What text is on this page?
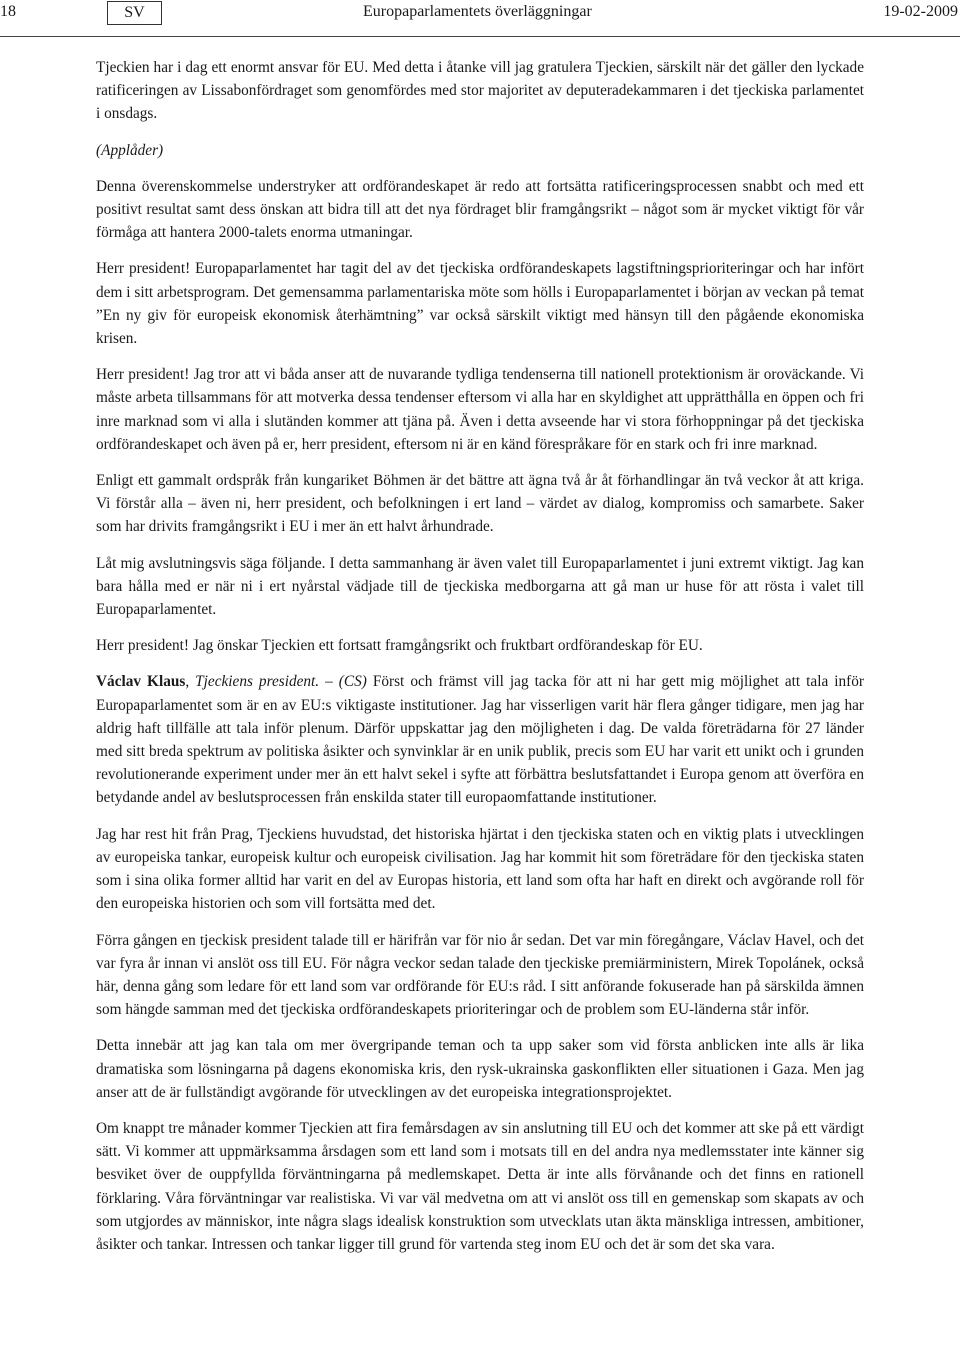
18	SV	Europaparlamentets överläggningar	19-02-2009

Tjeckien har i dag ett enormt ansvar för EU. Med detta i åtanke vill jag gratulera Tjeckien, särskilt när det gäller den lyckade ratificeringen av Lissabonfördraget som genomfördes med stor majoritet av deputeradekammaren i det tjeckiska parlamentet i onsdags.

(Applåder)

Denna överenskommelse understryker att ordförandeskapet är redo att fortsätta ratificeringsprocessen snabbt och med ett positivt resultat samt dess önskan att bidra till att det nya fördraget blir framgångsrikt – något som är mycket viktigt för vår förmåga att hantera 2000-talets enorma utmaningar.

Herr president! Europaparlamentet har tagit del av det tjeckiska ordförandeskapets lagstiftningsprioriteringar och har infört dem i sitt arbetsprogram. Det gemensamma parlamentariska möte som hölls i Europaparlamentet i början av veckan på temat ”En ny giv för europeisk ekonomisk återhämtning” var också särskilt viktigt med hänsyn till den pågående ekonomiska krisen.

Herr president! Jag tror att vi båda anser att de nuvarande tydliga tendenserna till nationell protektionism är oroväckande. Vi måste arbeta tillsammans för att motverka dessa tendenser eftersom vi alla har en skyldighet att upprätthålla en öppen och fri inre marknad som vi alla i slutänden kommer att tjäna på. Även i detta avseende har vi stora förhoppningar på det tjeckiska ordförandeskapet och även på er, herr president, eftersom ni är en känd förespråkare för en stark och fri inre marknad.

Enligt ett gammalt ordspråk från kungariket Böhmen är det bättre att ägna två år åt förhandlingar än två veckor åt att kriga. Vi förstår alla – även ni, herr president, och befolkningen i ert land – värdet av dialog, kompromiss och samarbete. Saker som har drivits framgångsrikt i EU i mer än ett halvt århundrade.

Låt mig avslutningsvis säga följande. I detta sammanhang är även valet till Europaparlamentet i juni extremt viktigt. Jag kan bara hålla med er när ni i ert nyårstal vädjade till de tjeckiska medborgarna att gå man ur huse för att rösta i valet till Europaparlamentet.

Herr president! Jag önskar Tjeckien ett fortsatt framgångsrikt och fruktbart ordförandeskap för EU.

Václav Klaus, Tjeckiens president. – (CS) Först och främst vill jag tacka för att ni har gett mig möjlighet att tala inför Europaparlamentet som är en av EU:s viktigaste institutioner. Jag har visserligen varit här flera gånger tidigare, men jag har aldrig haft tillfälle att tala inför plenum. Därför uppskattar jag den möjligheten i dag. De valda företrädarna för 27 länder med sitt breda spektrum av politiska åsikter och synvinklar är en unik publik, precis som EU har varit ett unikt och i grunden revolutionerande experiment under mer än ett halvt sekel i syfte att förbättra beslutsfattandet i Europa genom att överföra en betydande andel av beslutsprocessen från enskilda stater till europaomfattande institutioner.

Jag har rest hit från Prag, Tjeckiens huvudstad, det historiska hjärtat i den tjeckiska staten och en viktig plats i utvecklingen av europeiska tankar, europeisk kultur och europeisk civilisation. Jag har kommit hit som företrädare för den tjeckiska staten som i sina olika former alltid har varit en del av Europas historia, ett land som ofta har haft en direkt och avgörande roll för den europeiska historien och som vill fortsätta med det.

Förra gången en tjeckisk president talade till er härifrån var för nio år sedan. Det var min föregångare, Václav Havel, och det var fyra år innan vi anslöt oss till EU. För några veckor sedan talade den tjeckiske premiärministern, Mirek Topolánek, också här, denna gång som ledare för ett land som var ordförande för EU:s råd. I sitt anförande fokuserade han på särskilda ämnen som hängde samman med det tjeckiska ordförandeskapets prioriteringar och de problem som EU-länderna står inför.

Detta innebär att jag kan tala om mer övergripande teman och ta upp saker som vid första anblicken inte alls är lika dramatiska som lösningarna på dagens ekonomiska kris, den rysk-ukrainska gaskonflikten eller situationen i Gaza. Men jag anser att de är fullständigt avgörande för utvecklingen av det europeiska integrationsprojektet.

Om knappt tre månader kommer Tjeckien att fira femårsdagen av sin anslutning till EU och det kommer att ske på ett värdigt sätt. Vi kommer att uppmärksamma årsdagen som ett land som i motsats till en del andra nya medlemsstater inte känner sig besviket över de ouppfyllda förväntningarna på medlemskapet. Detta är inte alls förvånande och det finns en rationell förklaring. Våra förväntningar var realistiska. Vi var väl medvetna om att vi anslöt oss till en gemenskap som skapats av och som utgjordes av människor, inte några slags idealisk konstruktion som utvecklats utan äkta mänskliga intressen, ambitioner, åsikter och tankar. Intressen och tankar ligger till grund för vartenda steg inom EU och det är som det ska vara.
